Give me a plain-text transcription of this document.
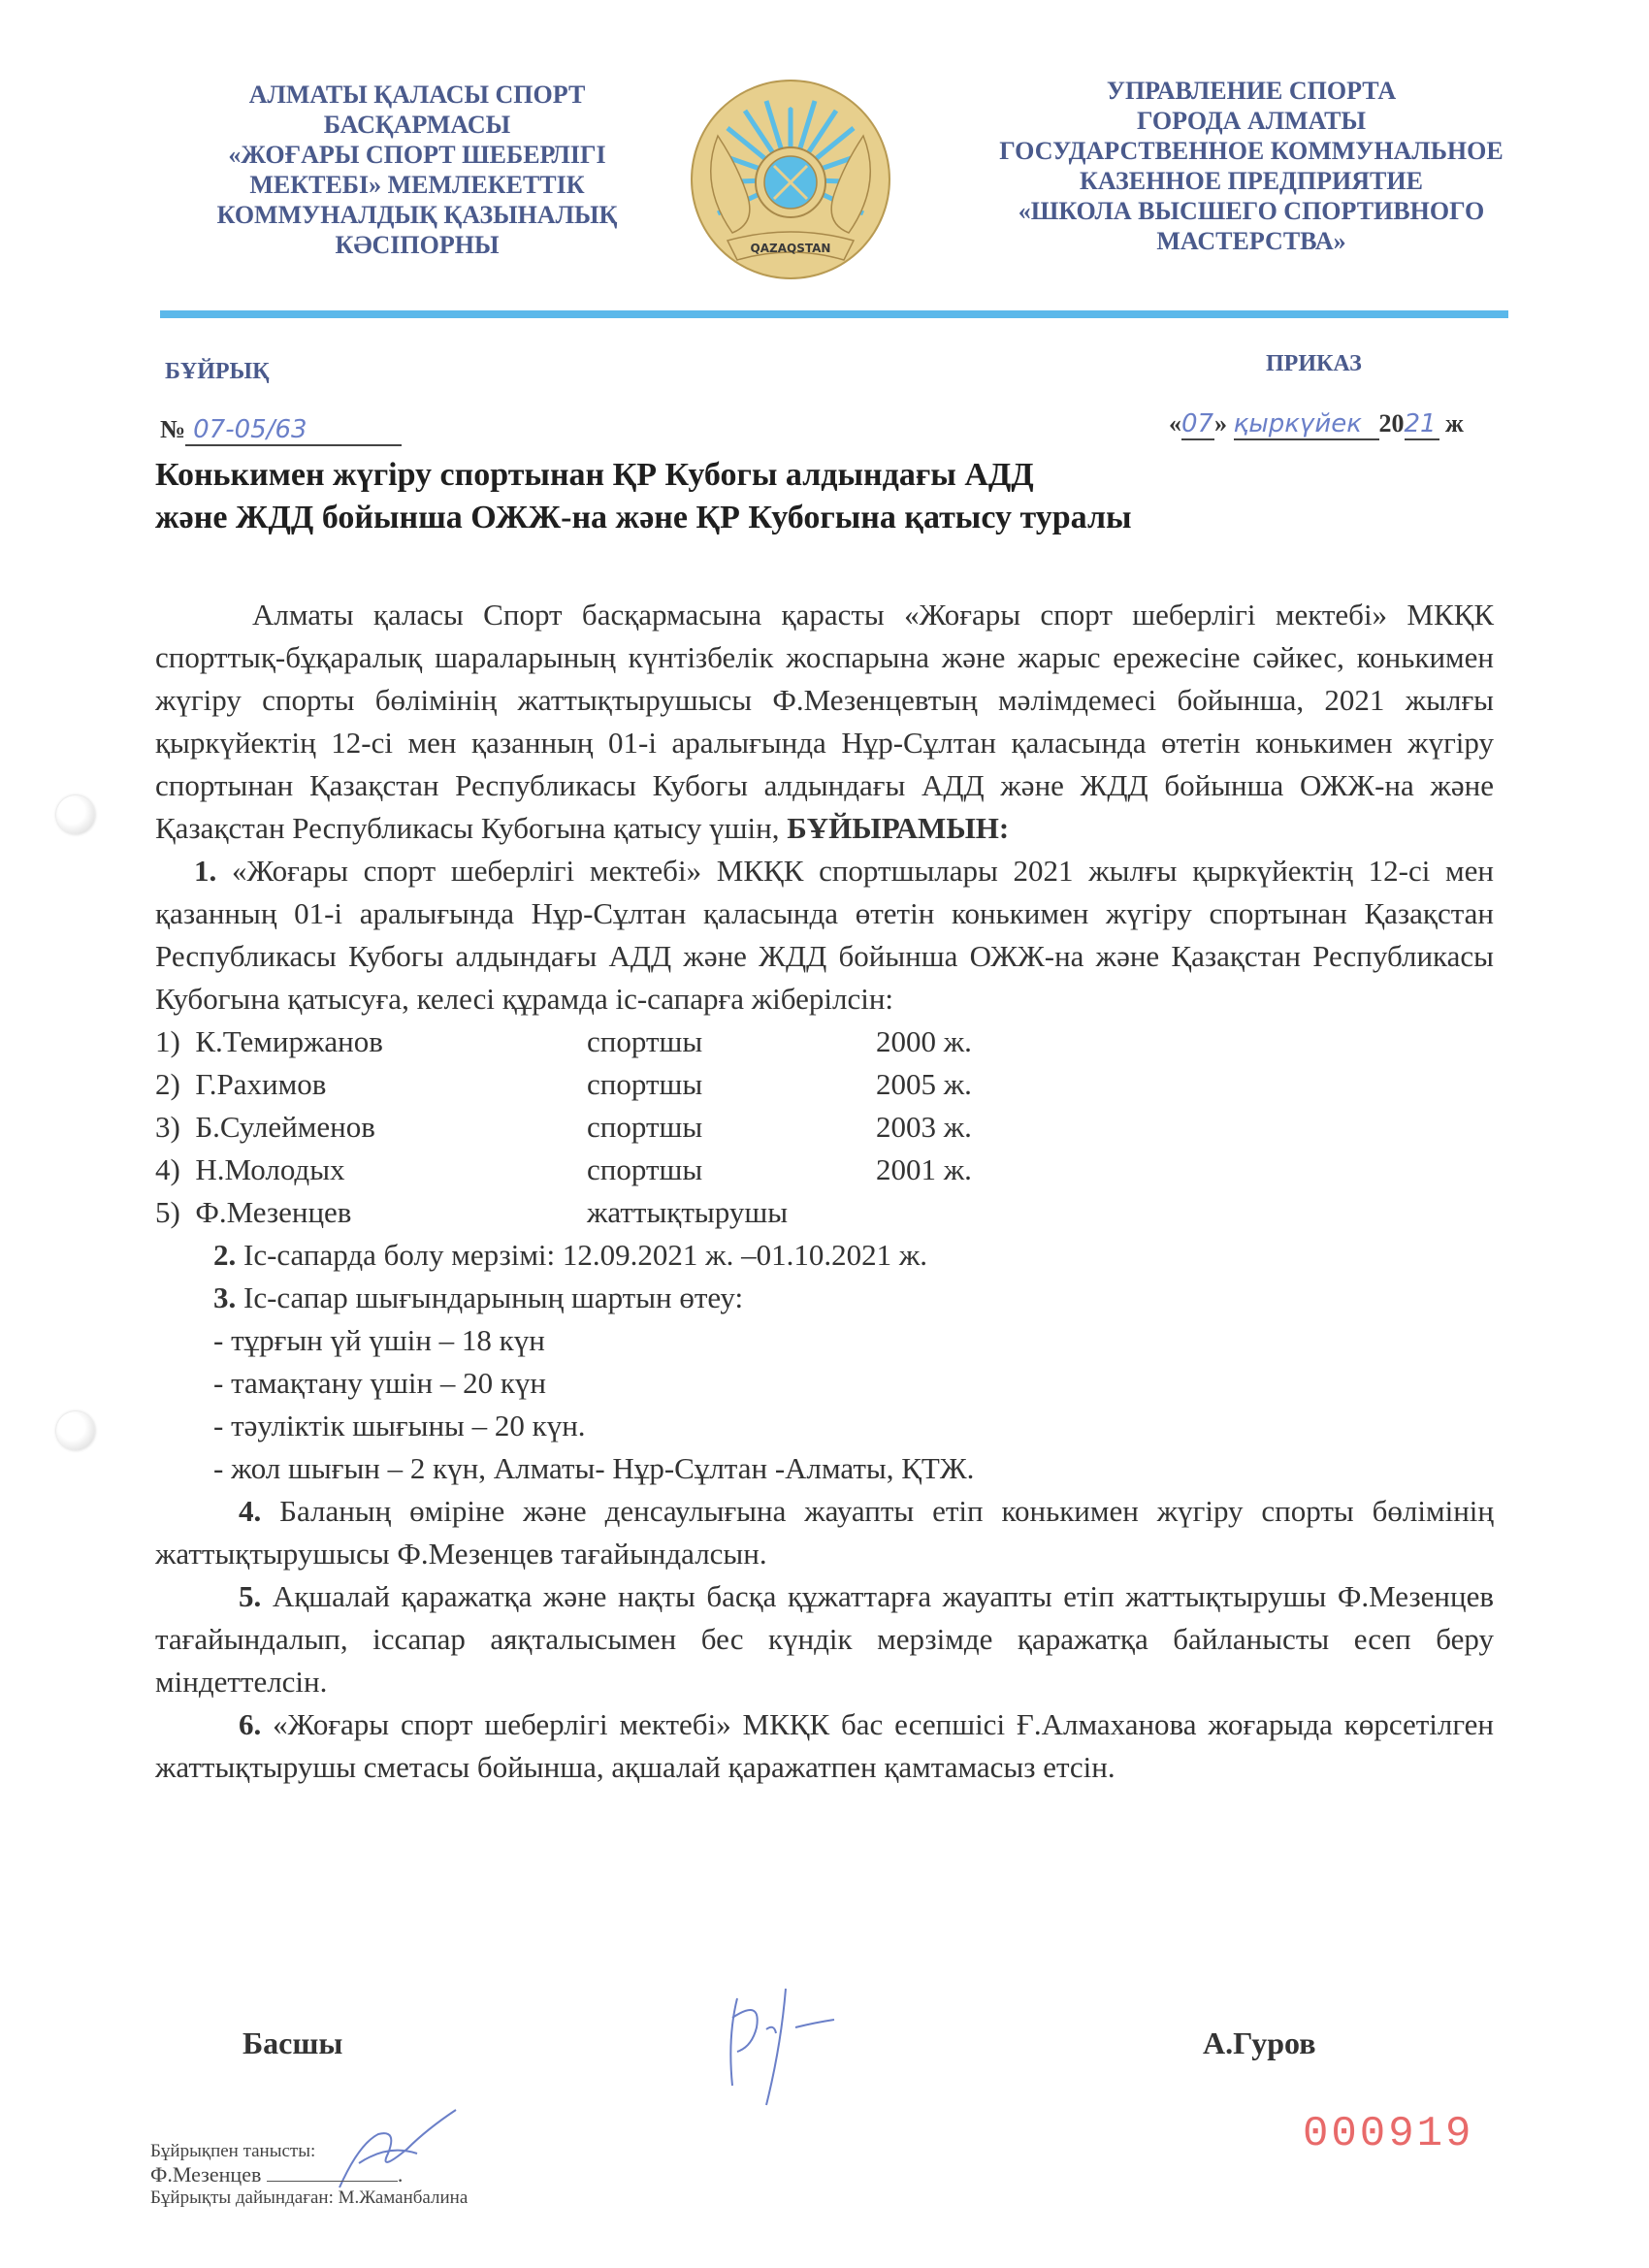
АЛМАТЫ ҚАЛАСЫ СПОРТ
БАСҚАРМАСЫ
«ЖОҒАРЫ СПОРТ ШЕБЕРЛІГІ
МЕКТЕБІ» МЕМЛЕКЕТТІК
КОММУНАЛДЫҚ ҚАЗЫНАЛЫҚ
КӘСІПОРНЫ	QAZAQSTAN
УПРАВЛЕНИЕ СПОРТА
ГОРОДА АЛМАТЫ
ГОСУДАРСТВЕННОЕ КОММУНАЛЬНОЕ
КАЗЕННОЕ ПРЕДПРИЯТИЕ
«ШКОЛА ВЫСШЕГО СПОРТИВНОГО
МАСТЕРСТВА»
БҰЙРЫҚ	ПРИКАЗ
№ 07-05/63	«07» қыркүйек 2021 ж
Конькимен жүгіру спортынан ҚР Кубогы алдындағы АДД
және ЖДД бойынша ОЖЖ-на және ҚР Кубогына қатысу туралы
Алматы қаласы Спорт басқармасына қарасты «Жоғары спорт шеберлігі мектебі» МКҚК спорттық-бұқаралық шараларының күнтізбелік жоспарына және жарыс ережесіне сәйкес, конькимен жүгіру спорты бөлімінің жаттықтырушысы Ф.Мезенцевтың мәлімдемесі бойынша, 2021 жылғы қыркүйектің 12-сі мен қазанның 01-і аралығында Нұр-Сұлтан қаласында өтетін конькимен жүгіру спортынан Қазақстан Республикасы Кубогы алдындағы АДД және ЖДД бойынша ОЖЖ-на және Қазақстан Республикасы Кубогына қатысу үшін, БҰЙЫРАМЫН:
1. «Жоғары спорт шеберлігі мектебі» МКҚК спортшылары 2021 жылғы қыркүйектің 12-сі мен қазанның 01-і аралығында Нұр-Сұлтан қаласында өтетін конькимен жүгіру спортынан Қазақстан Республикасы Кубогы алдындағы АДД және ЖДД бойынша ОЖЖ-на және Қазақстан Республикасы Кубогына қатысуға, келесі құрамда іс-сапарға жіберілсін:
1) К.Темиржанов	спортшы	2000 ж.
2) Г.Рахимов	спортшы	2005 ж.
3) Б.Сулейменов	спортшы	2003 ж.
4) Н.Молодых	спортшы	2001 ж.
5) Ф.Мезенцев	жаттықтырушы
2. Іс-сапарда болу мерзімі: 12.09.2021 ж. –01.10.2021 ж.
3. Іс-сапар шығындарының шартын өтеу:
- тұрғын үй үшін – 18 күн
- тамақтану үшін – 20 күн
- тәуліктік шығыны – 20 күн.
- жол шығын – 2 күн, Алматы- Нұр-Сұлтан -Алматы, ҚТЖ.
4. Баланың өміріне және денсаулығына жауапты етіп конькимен жүгіру спорты бөлімінің жаттықтырушысы Ф.Мезенцев тағайындалсын.
5. Ақшалай қаражатқа және нақты басқа құжаттарға жауапты етіп жаттықтырушы Ф.Мезенцев тағайындалып, іссапар аяқталысымен бес күндік мерзімде қаражатқа байланысты есеп беру міндеттелсін.
6. «Жоғары спорт шеберлігі мектебі» МКҚК бас есепшісі Ғ.Алмаханова жоғарыда көрсетілген жаттықтырушы сметасы бойынша, ақшалай қаражатпен қамтамасыз етсін.
Басшы	А.Гуров
Бұйрықпен танысты:
Ф.Мезенцев	.
Бұйрықты дайындаған: М.Жаманбалина
000919
